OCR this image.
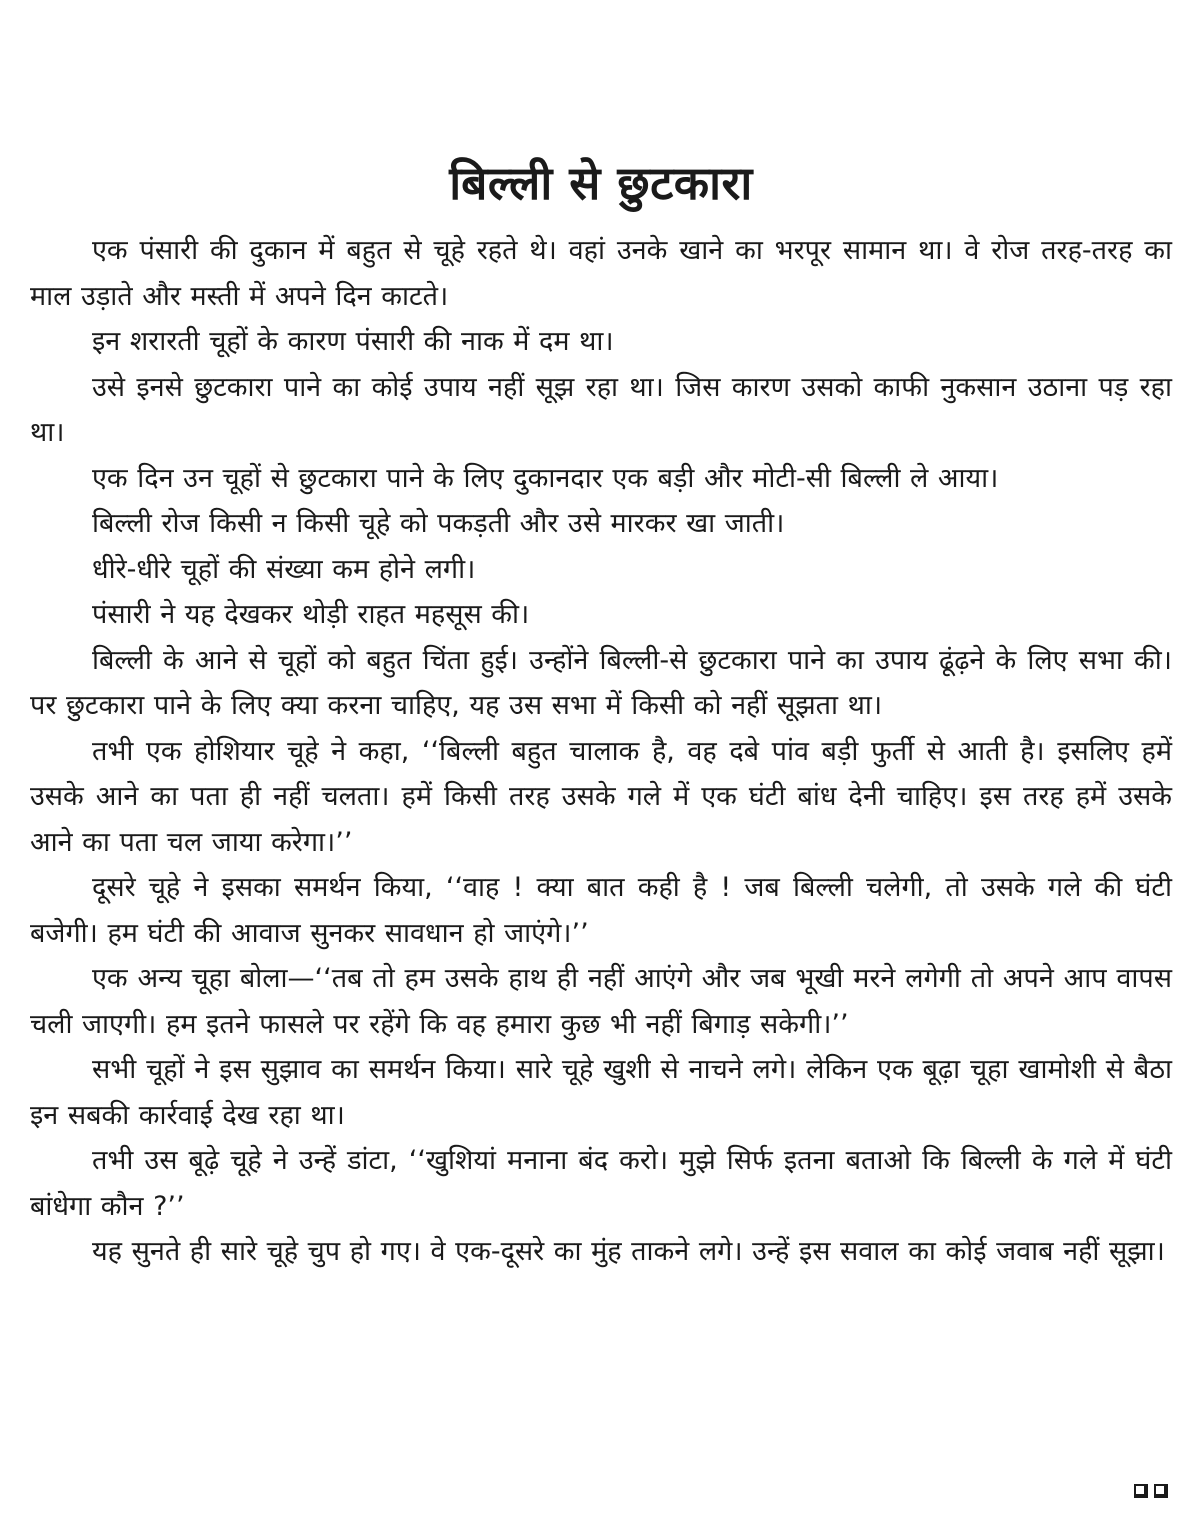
बिल्ली से छुटकारा

एक पंसारी की दुकान में बहुत से चूहे रहते थे। वहां उनके खाने का भरपूर सामान था। वे रोज तरह-तरह का माल उड़ाते और मस्ती में अपने दिन काटते।

इन शरारती चूहों के कारण पंसारी की नाक में दम था।

उसे इनसे छुटकारा पाने का कोई उपाय नहीं सूझ रहा था। जिस कारण उसको काफी नुकसान उठाना पड़ रहा था।

एक दिन उन चूहों से छुटकारा पाने के लिए दुकानदार एक बड़ी और मोटी-सी बिल्ली ले आया।

बिल्ली रोज किसी न किसी चूहे को पकड़ती और उसे मारकर खा जाती।

धीरे-धीरे चूहों की संख्या कम होने लगी।

पंसारी ने यह देखकर थोड़ी राहत महसूस की।

बिल्ली के आने से चूहों को बहुत चिंता हुई। उन्होंने बिल्ली-से छुटकारा पाने का उपाय ढूंढ़ने के लिए सभा की। पर छुटकारा पाने के लिए क्या करना चाहिए, यह उस सभा में किसी को नहीं सूझता था।

तभी एक होशियार चूहे ने कहा, ‘‘बिल्ली बहुत चालाक है, वह दबे पांव बड़ी फुर्ती से आती है। इसलिए हमें उसके आने का पता ही नहीं चलता। हमें किसी तरह उसके गले में एक घंटी बांध देनी चाहिए। इस तरह हमें उसके आने का पता चल जाया करेगा।’’

दूसरे चूहे ने इसका समर्थन किया, ‘‘वाह ! क्या बात कही है ! जब बिल्ली चलेगी, तो उसके गले की घंटी बजेगी। हम घंटी की आवाज सुनकर सावधान हो जाएंगे।’’

एक अन्य चूहा बोला—‘‘तब तो हम उसके हाथ ही नहीं आएंगे और जब भूखी मरने लगेगी तो अपने आप वापस चली जाएगी। हम इतने फासले पर रहेंगे कि वह हमारा कुछ भी नहीं बिगाड़ सकेगी।’’

सभी चूहों ने इस सुझाव का समर्थन किया। सारे चूहे खुशी से नाचने लगे। लेकिन एक बूढ़ा चूहा खामोशी से बैठा इन सबकी कार्रवाई देख रहा था।

तभी उस बूढ़े चूहे ने उन्हें डांटा, ‘‘खुशियां मनाना बंद करो। मुझे सिर्फ इतना बताओ कि बिल्ली के गले में घंटी बांधेगा कौन ?’’

यह सुनते ही सारे चूहे चुप हो गए। वे एक-दूसरे का मुंह ताकने लगे। उन्हें इस सवाल का कोई जवाब नहीं सूझा।
